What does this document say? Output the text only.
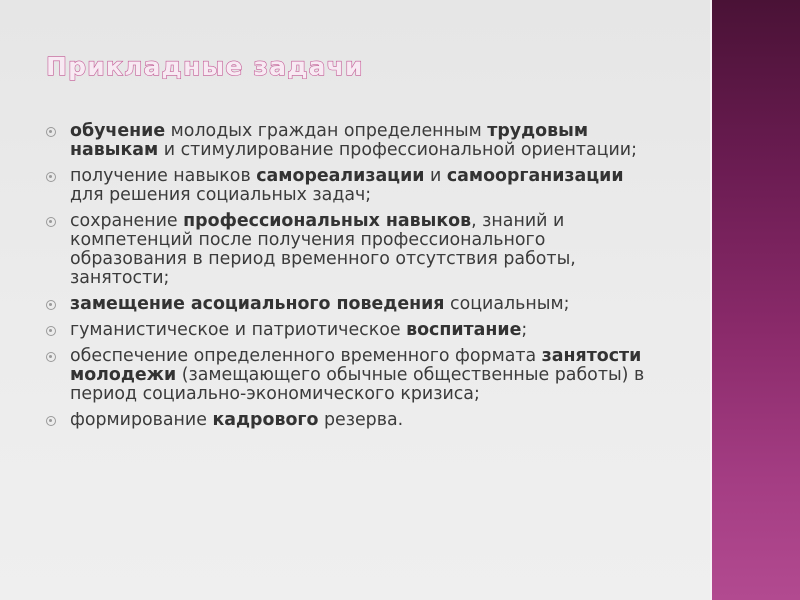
Прикладные задачи
обучение молодых граждан определенным трудовым навыкам и стимулирование профессиональной ориентации;
получение навыков самореализации и самоорганизации для решения социальных задач;
сохранение профессиональных навыков, знаний и компетенций после получения профессионального образования в период временного отсутствия работы, занятости;
замещение асоциального поведения социальным;
гуманистическое и патриотическое воспитание;
обеспечение определенного временного формата занятости молодежи (замещающего обычные общественные работы) в период социально-экономического кризиса;
формирование кадрового резерва.
